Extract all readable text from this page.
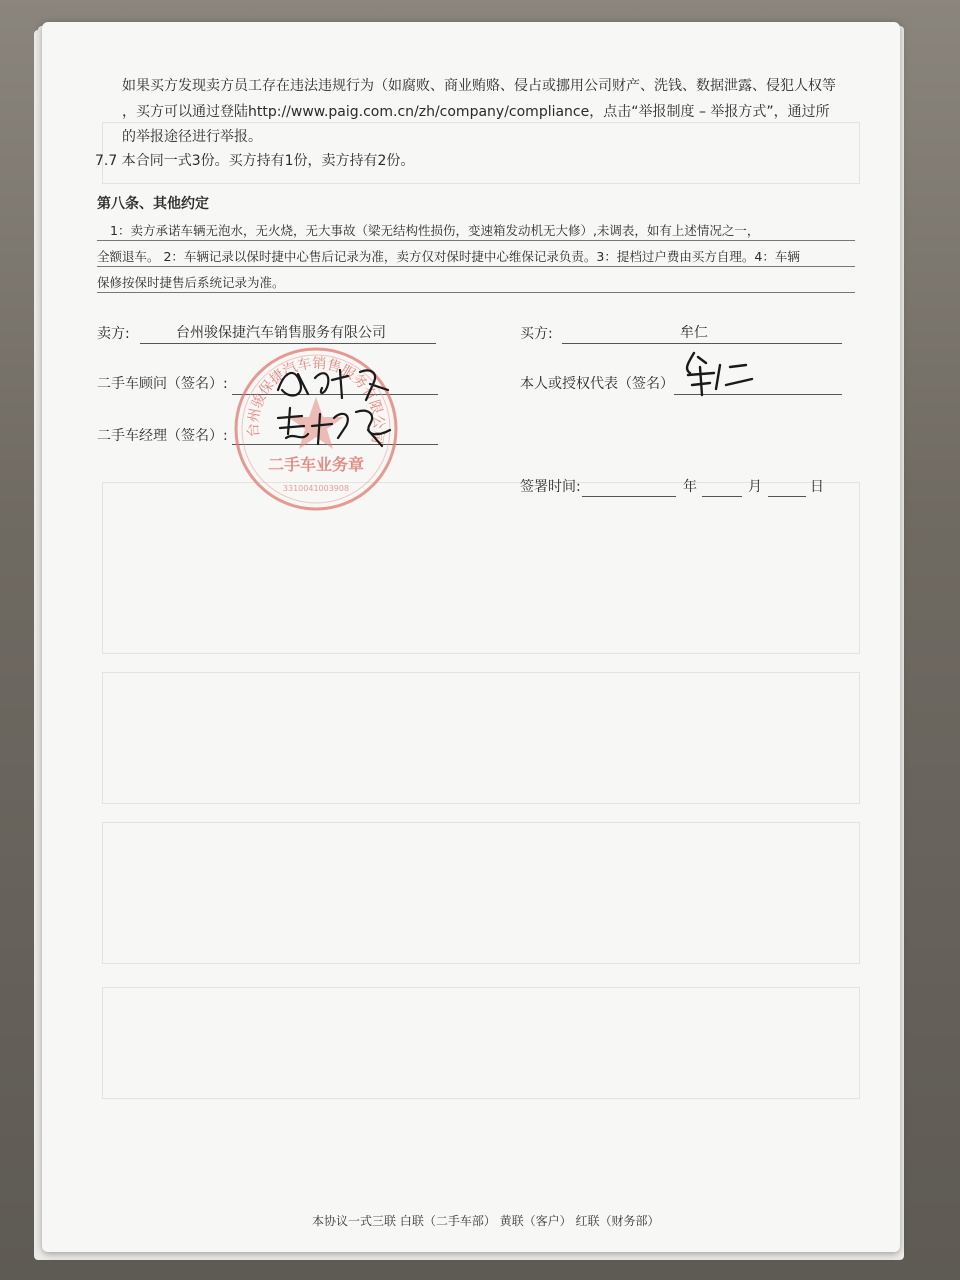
如果买方发现卖方员工存在违法违规行为（如腐败、商业贿赂、侵占或挪用公司财产、洗钱、数据泄露、侵犯人权等
，买方可以通过登陆http://www.paig.com.cn/zh/company/compliance，点击“举报制度 – 举报方式”，通过所
的举报途径进行举报。
7.7 本合同一式3份。买方持有1份，卖方持有2份。
第八条、其他约定
1：卖方承诺车辆无泡水，无火烧，无大事故（梁无结构性损伤，变速箱发动机无大修）,未调表，如有上述情况之一，
全额退车。 2：车辆记录以保时捷中心售后记录为准，卖方仅对保时捷中心维保记录负责。3：提档过户费由买方自理。4：车辆
保修按保时捷售后系统记录为准。
卖方:	台州骏保捷汽车销售服务有限公司
二手车顾问（签名）:
二手车经理（签名）: 台州骏保捷汽车销售服务有限公司
二手车业务章
3310041003908
买方:	牟仁
本人或授权代表（签名）
签署时间:	年	月	日
本协议一式三联 白联（二手车部） 黄联（客户） 红联（财务部）
